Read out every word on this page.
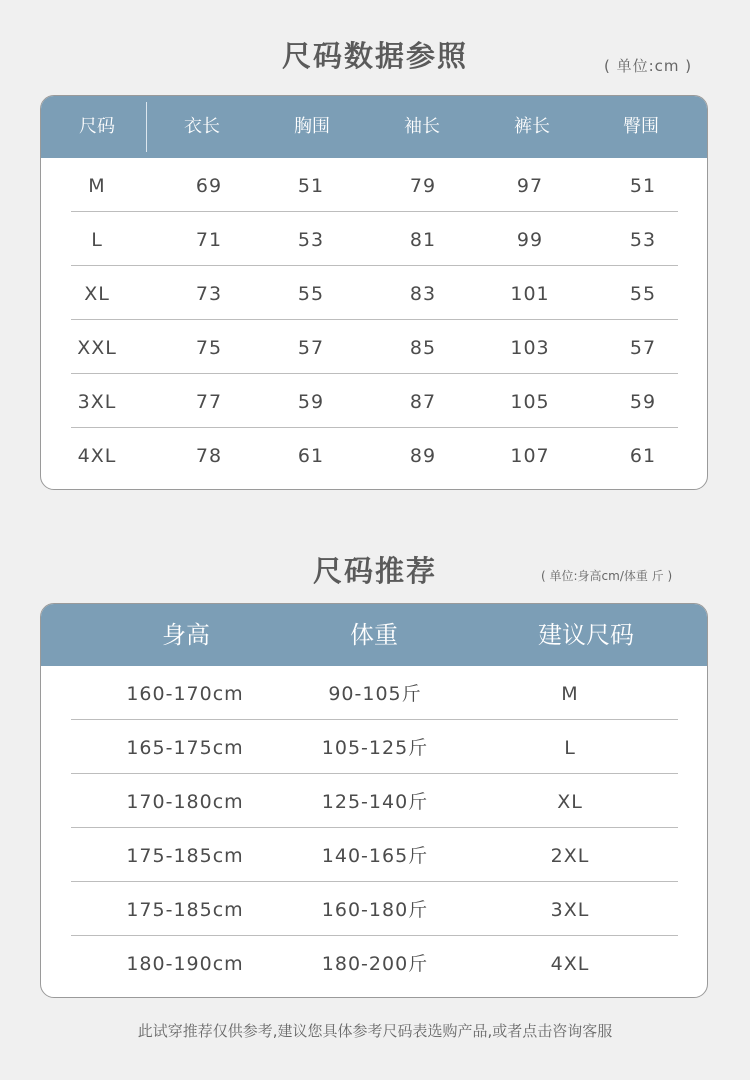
尺码数据参照	( 单位:cm )
尺码	衣长	胸围	袖长	裤长	臀围
M	69	51	79	97	51
L	71	53	81	99	53
XL	73	55	83	101	55
XXL	75	57	85	103	57
3XL	77	59	87	105	59
4XL	78	61	89	107	61
尺码推荐	( 单位:身高cm/体重 斤 )
身高	体重	建议尺码
160-170cm	90-105斤	M
165-175cm	105-125斤	L
170-180cm	125-140斤	XL
175-185cm	140-165斤	2XL
175-185cm	160-180斤	3XL
180-190cm	180-200斤	4XL
此试穿推荐仅供参考,建议您具体参考尺码表选购产品,或者点击咨询客服
